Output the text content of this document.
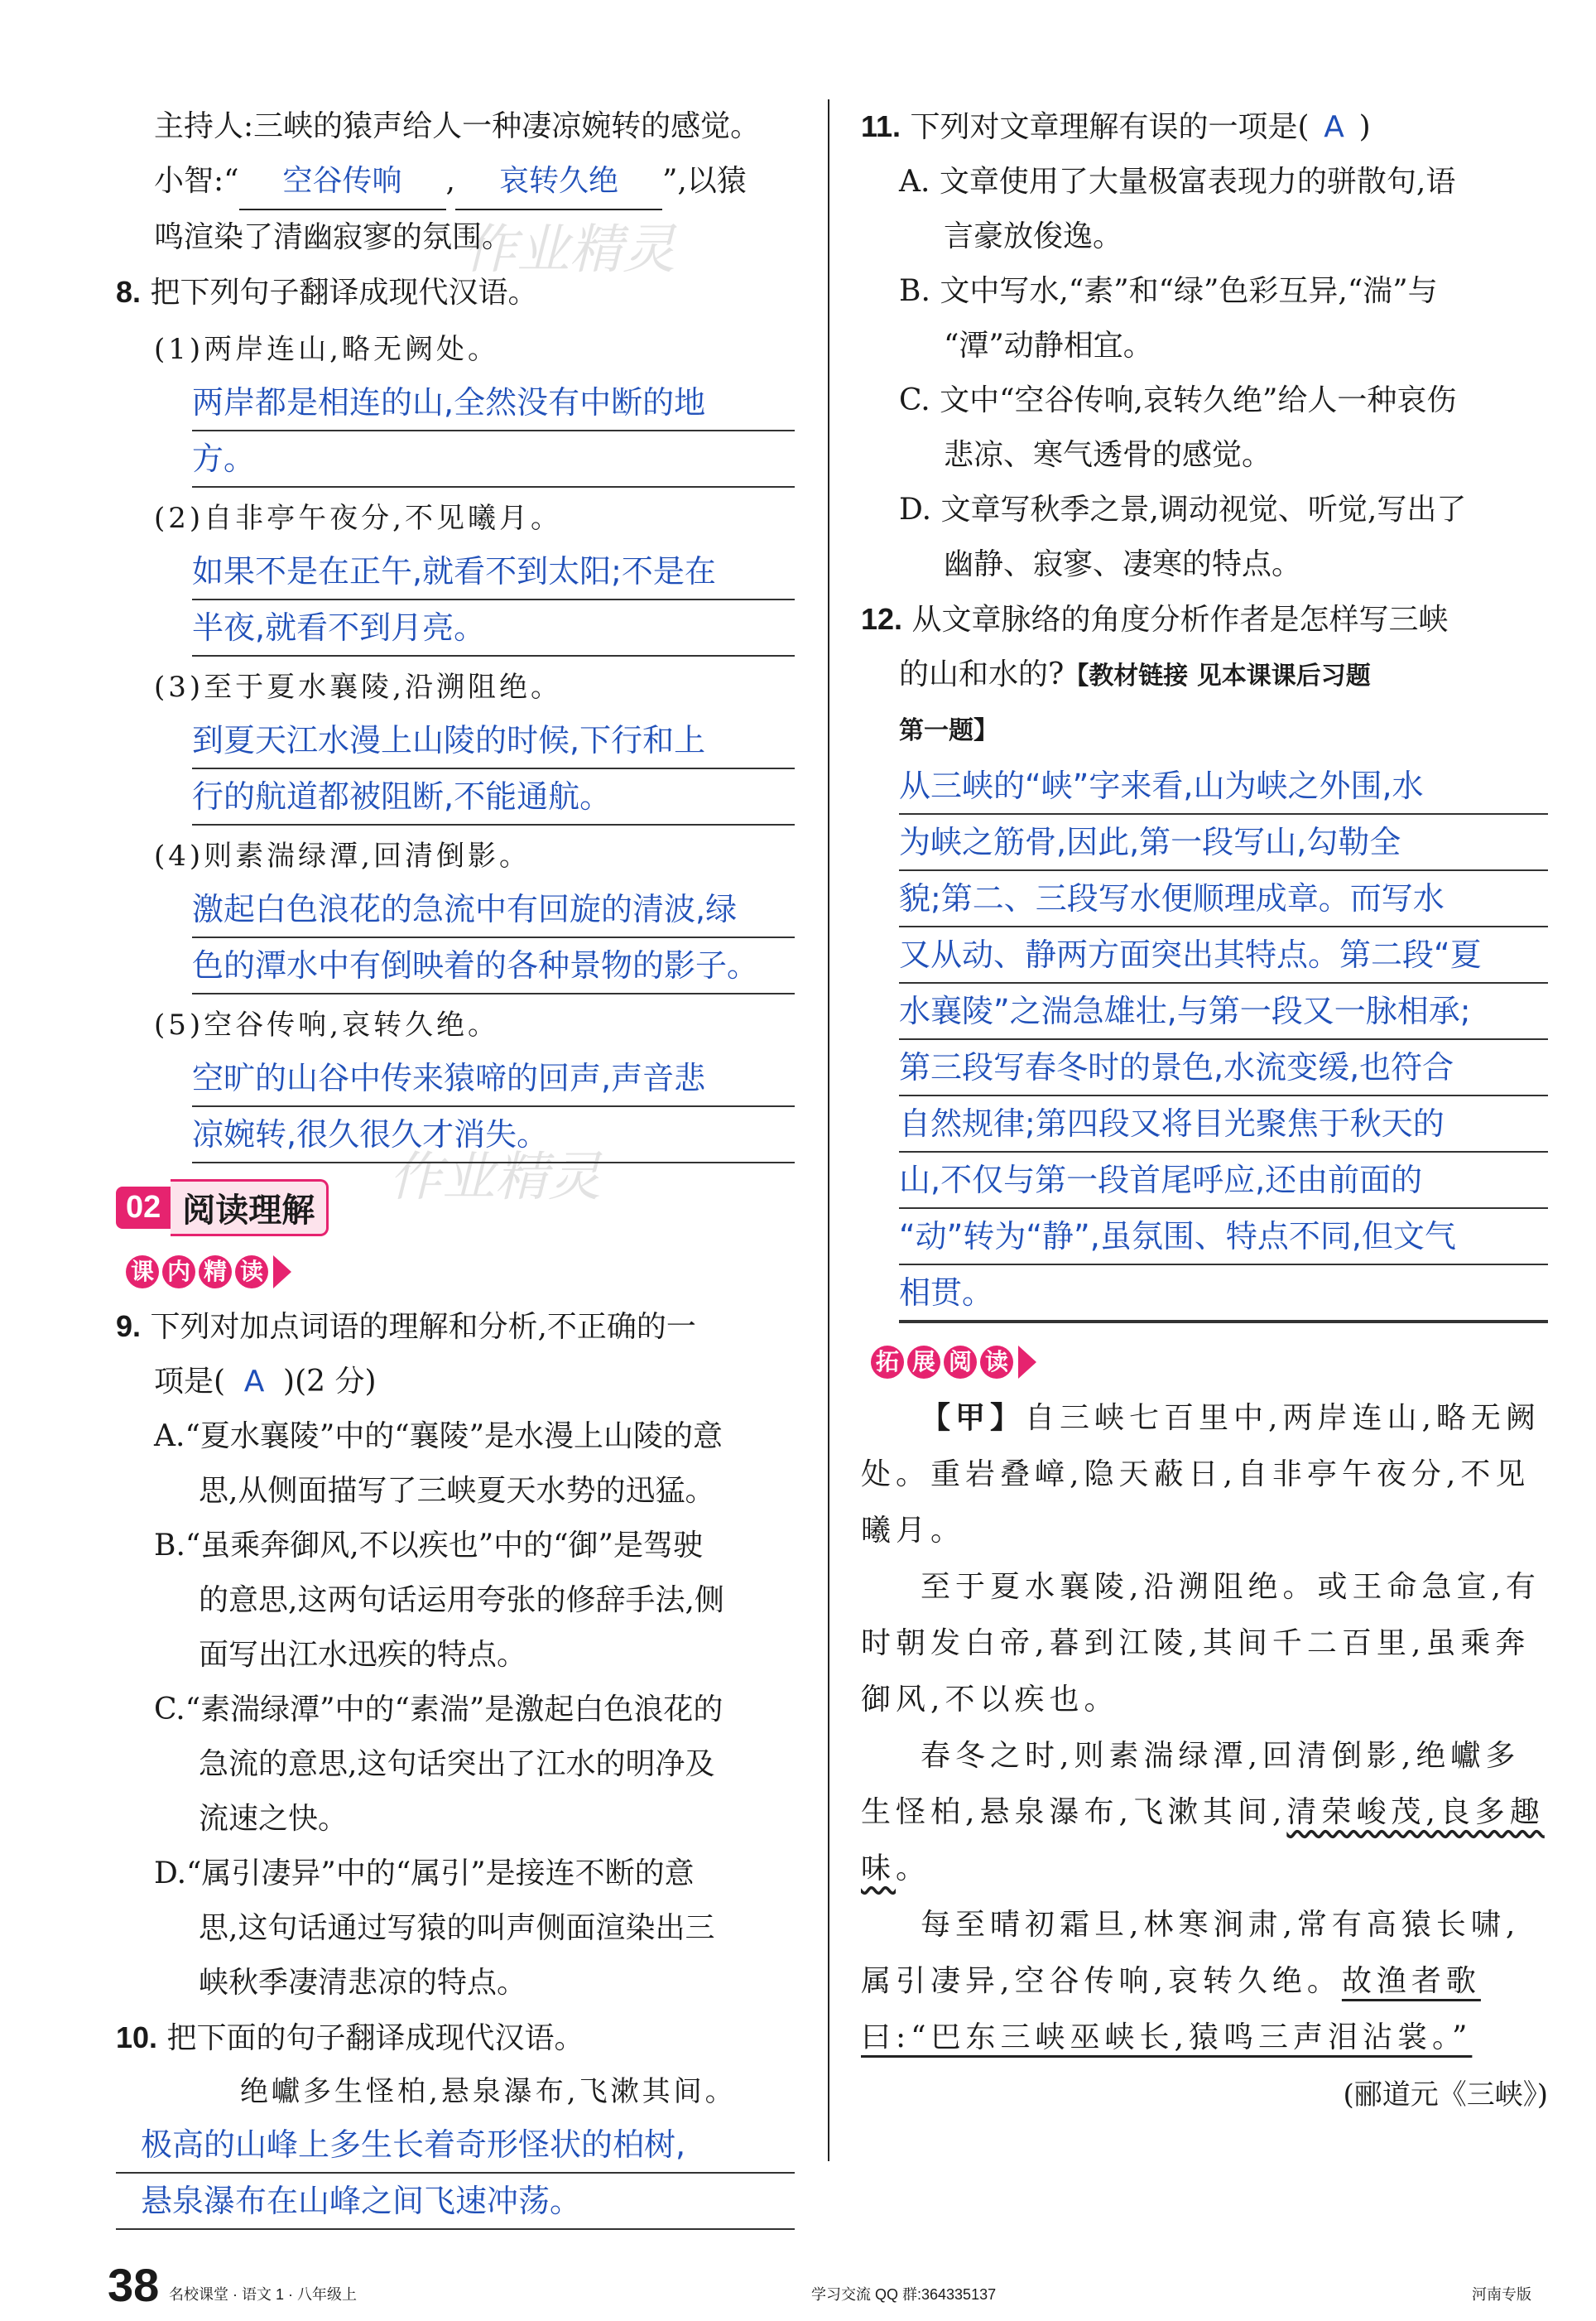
作业精灵
作业精灵
主持人:三峡的猿声给人一种凄凉婉转的感觉。
小智:“ 空谷传响 , 哀转久绝 ”,以猿
鸣渲染了清幽寂寥的氛围。
8. 把下列句子翻译成现代汉语。
(1)两岸连山,略无阙处。
两岸都是相连的山,全然没有中断的地
方。
(2)自非亭午夜分,不见曦月。
如果不是在正午,就看不到太阳;不是在
半夜,就看不到月亮。
(3)至于夏水襄陵,沿溯阻绝。
到夏天江水漫上山陵的时候,下行和上
行的航道都被阻断,不能通航。
(4)则素湍绿潭,回清倒影。
激起白色浪花的急流中有回旋的清波,绿
色的潭水中有倒映着的各种景物的影子。
(5)空谷传响,哀转久绝。
空旷的山谷中传来猿啼的回声,声音悲
凉婉转,很久很久才消失。
02 阅读理解
课 内 精 读
9. 下列对加点词语的理解和分析,不正确的一
项是( A )(2 分)
A.“夏水襄陵”中的“襄陵”是水漫上山陵的意
思,从侧面描写了三峡夏天水势的迅猛。
B.“虽乘奔御风,不以疾也”中的“御”是驾驶
的意思,这两句话运用夸张的修辞手法,侧
面写出江水迅疾的特点。
C.“素湍绿潭”中的“素湍”是激起白色浪花的
急流的意思,这句话突出了江水的明净及
流速之快。
D.“属引凄异”中的“属引”是接连不断的意
思,这句话通过写猿的叫声侧面渲染出三
峡秋季凄清悲凉的特点。
10. 把下面的句子翻译成现代汉语。
绝巘多生怪柏,悬泉瀑布,飞漱其间。
极高的山峰上多生长着奇形怪状的柏树,
悬泉瀑布在山峰之间飞速冲荡。
11. 下列对文章理解有误的一项是( A )
A. 文章使用了大量极富表现力的骈散句,语
言豪放俊逸。
B. 文中写水,“素”和“绿”色彩互异,“湍”与
“潭”动静相宜。
C. 文中“空谷传响,哀转久绝”给人一种哀伤
悲凉、寒气透骨的感觉。
D. 文章写秋季之景,调动视觉、听觉,写出了
幽静、寂寥、凄寒的特点。
12. 从文章脉络的角度分析作者是怎样写三峡
的山和水的?【教材链接 见本课课后习题
第一题】
从三峡的“峡”字来看,山为峡之外围,水
为峡之筋骨,因此,第一段写山,勾勒全
貌;第二、三段写水便顺理成章。而写水
又从动、静两方面突出其特点。第二段“夏
水襄陵”之湍急雄壮,与第一段又一脉相承;
第三段写春冬时的景色,水流变缓,也符合
自然规律;第四段又将目光聚焦于秋天的
山,不仅与第一段首尾呼应,还由前面的
“动”转为“静”,虽氛围、特点不同,但文气
相贯。
拓 展 阅 读

【甲】自三峡七百里中,两岸连山,略无阙处。重岩叠嶂,隐天蔽日,自非亭午夜分,不见曦月。

至于夏水襄陵,沿溯阻绝。或王命急宣,有时朝发白帝,暮到江陵,其间千二百里,虽乘奔御风,不以疾也。

春冬之时,则素湍绿潭,回清倒影,绝巘多生怪柏,悬泉瀑布,飞漱其间,清荣峻茂,良多趣味。

每至晴初霜旦,林寒涧肃,常有高猿长啸,属引凄异,空谷传响,哀转久绝。故渔者歌曰:“巴东三峡巫峡长,猿鸣三声泪沾裳。”

(郦道元《三峡》)
38 名校课堂 · 语文 1 · 八年级上	学习交流 QQ 群:364335137	河南专版
